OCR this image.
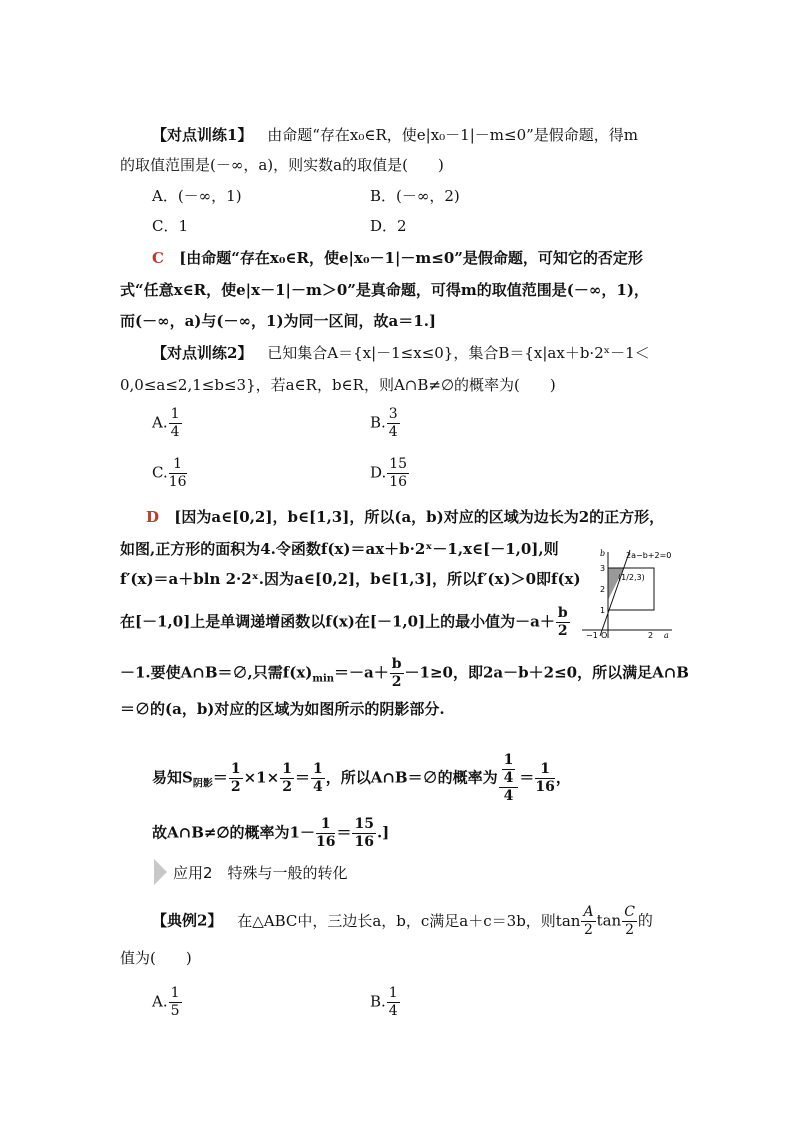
【对点训练1】 由命题“存在x₀∈R，使e|x₀－1|－m≤0”是假命题，得m
的取值范围是(－∞，a)，则实数a的取值是(　　)
A．(－∞，1)	B．(－∞，2)
C．1	D．2
C [由命题“存在x₀∈R，使e|x₀－1|－m≤0”是假命题，可知它的否定形
式“任意x∈R，使e|x－1|－m＞0”是真命题，可得m的取值范围是(－∞，1)，
而(－∞，a)与(－∞，1)为同一区间，故a＝1.]
【对点训练2】 已知集合A＝{x|－1≤x≤0}，集合B＝{x|ax＋b·2ˣ－1＜
0,0≤a≤2,1≤b≤3}，若a∈R，b∈R，则A∩B≠∅的概率为(　　)
A. $\frac{1}{4}$	B. $\frac{3}{4}$
C. $\frac{1}{16}$	D. $\frac{15}{16}$
D [因为a∈[0,2]，b∈[1,3]，所以(a，b)对应的区域为边长为2的正方形，
如图,正方形的面积为4.令函数f(x)＝ax＋b·2ˣ－1,x∈[－1,0],则
f′(x)＝a＋bln 2·2ˣ.因为a∈[0,2]，b∈[1,3]，所以f′(x)＞0即f(x)
在[－1,0]上是单调递增函数以f(x)在[－1,0]上的最小值为$-a+ \frac{b}{2}$
－1.要使A∩B＝∅,只需$f(x)_{min}=-a+ \frac{b}{2} -1\ge 0$，即2a－b＋2≤0，所以满足A∩B
＝∅的(a，b)对应的区域为如图所示的阴影部分.
易知$S_{阴影}= \frac{1}{2} \times 1\times \frac{1}{2} = \frac{1}{4}$ ，所以A∩B＝∅的概率为 $\frac{\frac{1}{4}}{4} = \frac{1}{16}$ ，
故A∩B≠∅的概率为$1- \frac{1}{16} = \frac{15}{16}$ .]
2a−b+2=0
(1/2,3)
b
a
3
2
1
−1 O	2
应用2　特殊与一般的转化
【典例2】 在△ABC中，三边长a，b，c满足a＋c＝3b，则$\tan \frac{A}{2}$ $\tan \frac{C}{2}$ 的
值为(　　)
A. $\frac{1}{5}$	B. $\frac{1}{4}$
